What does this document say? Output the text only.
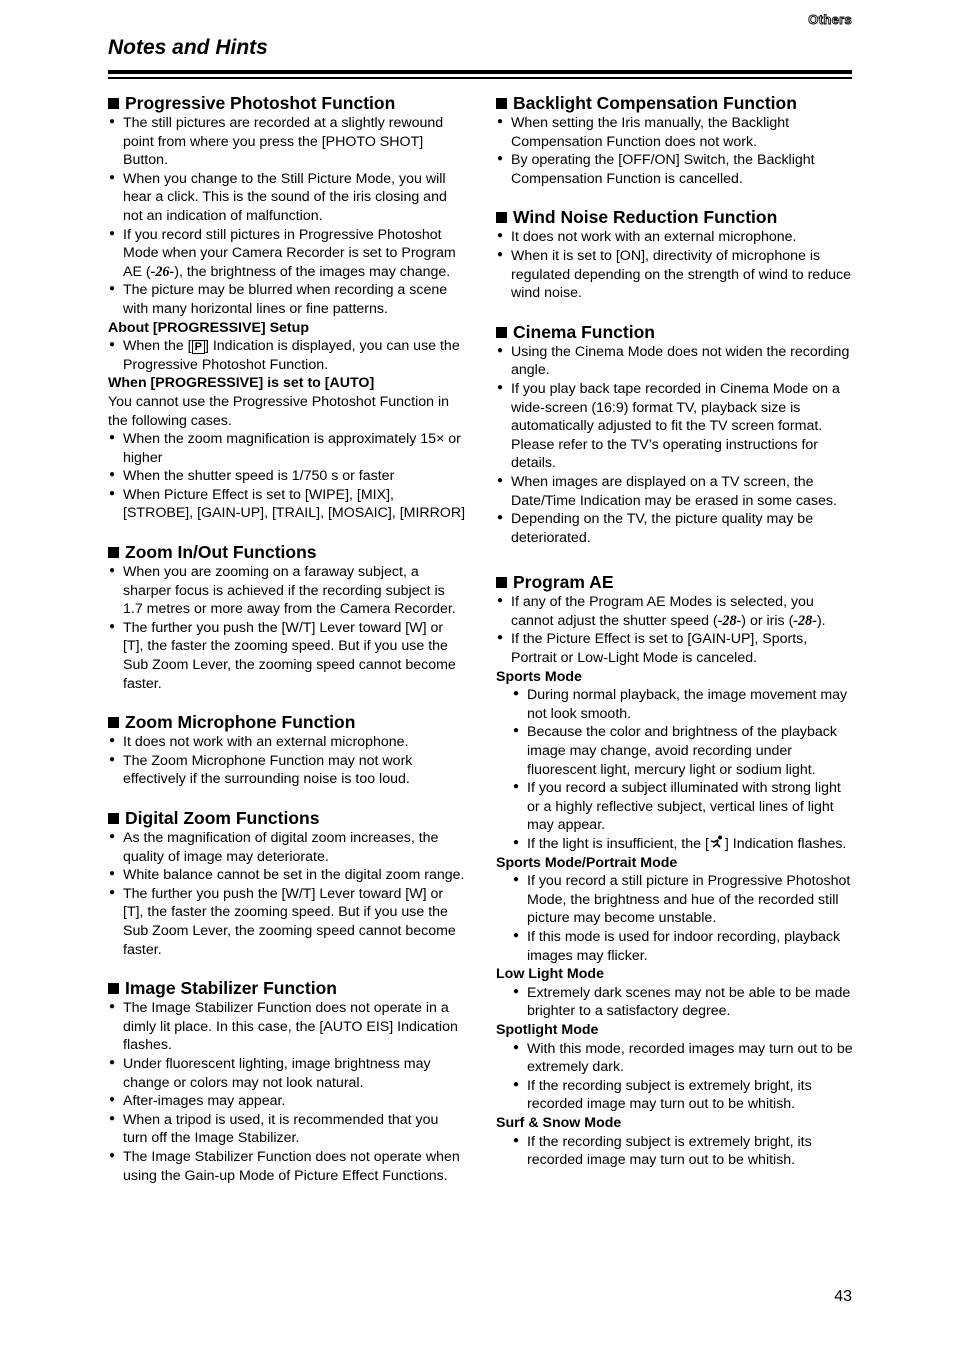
Others
Notes and Hints
Progressive Photoshot Function
● The still pictures are recorded at a slightly rewound point from where you press the [PHOTO SHOT] Button.
● When you change to the Still Picture Mode, you will hear a click. This is the sound of the iris closing and not an indication of malfunction.
● If you record still pictures in Progressive Photoshot Mode when your Camera Recorder is set to Program AE (-26-), the brightness of the images may change.
● The picture may be blurred when recording a scene with many horizontal lines or fine patterns.
About [PROGRESSIVE] Setup
● When the [ P ] Indication is displayed, you can use the Progressive Photoshot Function.
When [PROGRESSIVE] is set to [AUTO]
You cannot use the Progressive Photoshot Function in the following cases.
● When the zoom magnification is approximately 15× or higher
● When the shutter speed is 1/750 s or faster
● When Picture Effect is set to [WIPE], [MIX], [STROBE], [GAIN-UP], [TRAIL], [MOSAIC], [MIRROR]
Zoom In/Out Functions
● When you are zooming on a faraway subject, a sharper focus is achieved if the recording subject is 1.7 metres or more away from the Camera Recorder.
● The further you push the [W/T] Lever toward [W] or [T], the faster the zooming speed. But if you use the Sub Zoom Lever, the zooming speed cannot become faster.
Zoom Microphone Function
● It does not work with an external microphone.
● The Zoom Microphone Function may not work effectively if the surrounding noise is too loud.
Digital Zoom Functions
● As the magnification of digital zoom increases, the quality of image may deteriorate.
● White balance cannot be set in the digital zoom range.
● The further you push the [W/T] Lever toward [W] or [T], the faster the zooming speed. But if you use the Sub Zoom Lever, the zooming speed cannot become faster.
Image Stabilizer Function
● The Image Stabilizer Function does not operate in a dimly lit place. In this case, the [AUTO EIS] Indication flashes.
● Under fluorescent lighting, image brightness may change or colors may not look natural.
● After-images may appear.
● When a tripod is used, it is recommended that you turn off the Image Stabilizer.
● The Image Stabilizer Function does not operate when using the Gain-up Mode of Picture Effect Functions.
Backlight Compensation Function
● When setting the Iris manually, the Backlight Compensation Function does not work.
● By operating the [OFF/ON] Switch, the Backlight Compensation Function is cancelled.
Wind Noise Reduction Function
● It does not work with an external microphone.
● When it is set to [ON], directivity of microphone is regulated depending on the strength of wind to reduce wind noise.
Cinema Function
● Using the Cinema Mode does not widen the recording angle.
● If you play back tape recorded in Cinema Mode on a wide-screen (16:9) format TV, playback size is automatically adjusted to fit the TV screen format. Please refer to the TV’s operating instructions for details.
● When images are displayed on a TV screen, the Date/Time Indication may be erased in some cases.
● Depending on the TV, the picture quality may be deteriorated.
Program AE
● If any of the Program AE Modes is selected, you cannot adjust the shutter speed (-28-) or iris (-28-).
● If the Picture Effect is set to [GAIN-UP], Sports, Portrait or Low-Light Mode is canceled.
Sports Mode
● During normal playback, the image movement may not look smooth.
● Because the color and brightness of the playback image may change, avoid recording under fluorescent light, mercury light or sodium light.
● If you record a subject illuminated with strong light or a highly reflective subject, vertical lines of light may appear.
● If the light is insufficient, the [ ] Indication flashes.
Sports Mode/Portrait Mode
● If you record a still picture in Progressive Photoshot Mode, the brightness and hue of the recorded still picture may become unstable.
● If this mode is used for indoor recording, playback images may flicker.
Low Light Mode
● Extremely dark scenes may not be able to be made brighter to a satisfactory degree.
Spotlight Mode
● With this mode, recorded images may turn out to be extremely dark.
● If the recording subject is extremely bright, its recorded image may turn out to be whitish.
Surf & Snow Mode
● If the recording subject is extremely bright, its recorded image may turn out to be whitish.
43
